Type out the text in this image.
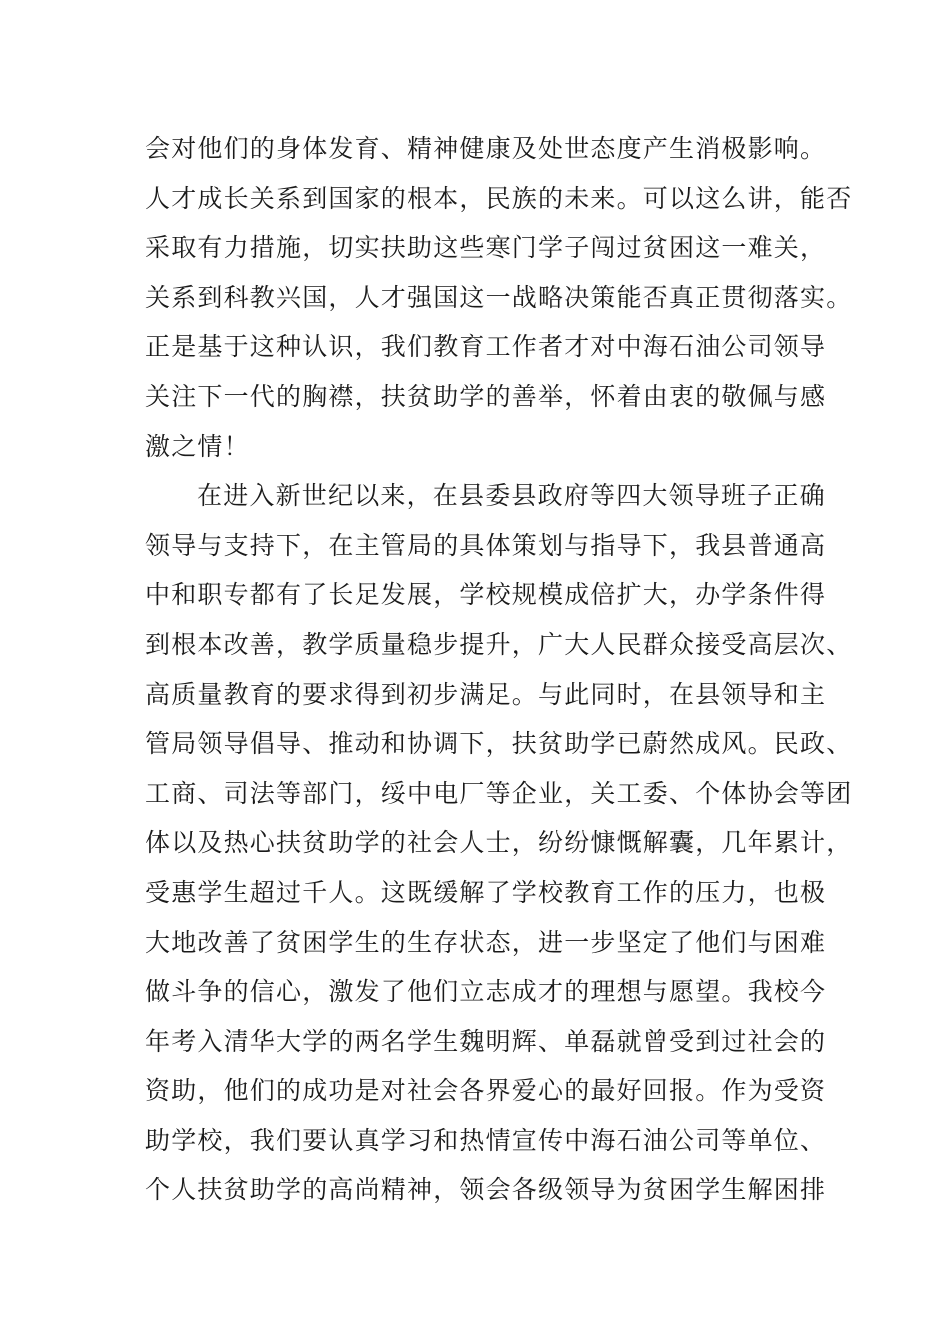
会对他们的身体发育、精神健康及处世态度产生消极影响。
人才成长关系到国家的根本，民族的未来。可以这么讲，能否
采取有力措施，切实扶助这些寒门学子闯过贫困这一难关，
关系到科教兴国，人才强国这一战略决策能否真正贯彻落实。
正是基于这种认识，我们教育工作者才对中海石油公司领导
关注下一代的胸襟，扶贫助学的善举，怀着由衷的敬佩与感
激之情！
在进入新世纪以来，在县委县政府等四大领导班子正确
领导与支持下，在主管局的具体策划与指导下，我县普通高
中和职专都有了长足发展，学校规模成倍扩大，办学条件得
到根本改善，教学质量稳步提升，广大人民群众接受高层次、
高质量教育的要求得到初步满足。与此同时，在县领导和主
管局领导倡导、推动和协调下，扶贫助学已蔚然成风。民政、
工商、司法等部门，绥中电厂等企业，关工委、个体协会等团
体以及热心扶贫助学的社会人士，纷纷慷慨解囊，几年累计，
受惠学生超过千人。这既缓解了学校教育工作的压力，也极
大地改善了贫困学生的生存状态，进一步坚定了他们与困难
做斗争的信心，激发了他们立志成才的理想与愿望。我校今
年考入清华大学的两名学生魏明辉、单磊就曾受到过社会的
资助，他们的成功是对社会各界爱心的最好回报。作为受资
助学校，我们要认真学习和热情宣传中海石油公司等单位、
个人扶贫助学的高尚精神，领会各级领导为贫困学生解困排
